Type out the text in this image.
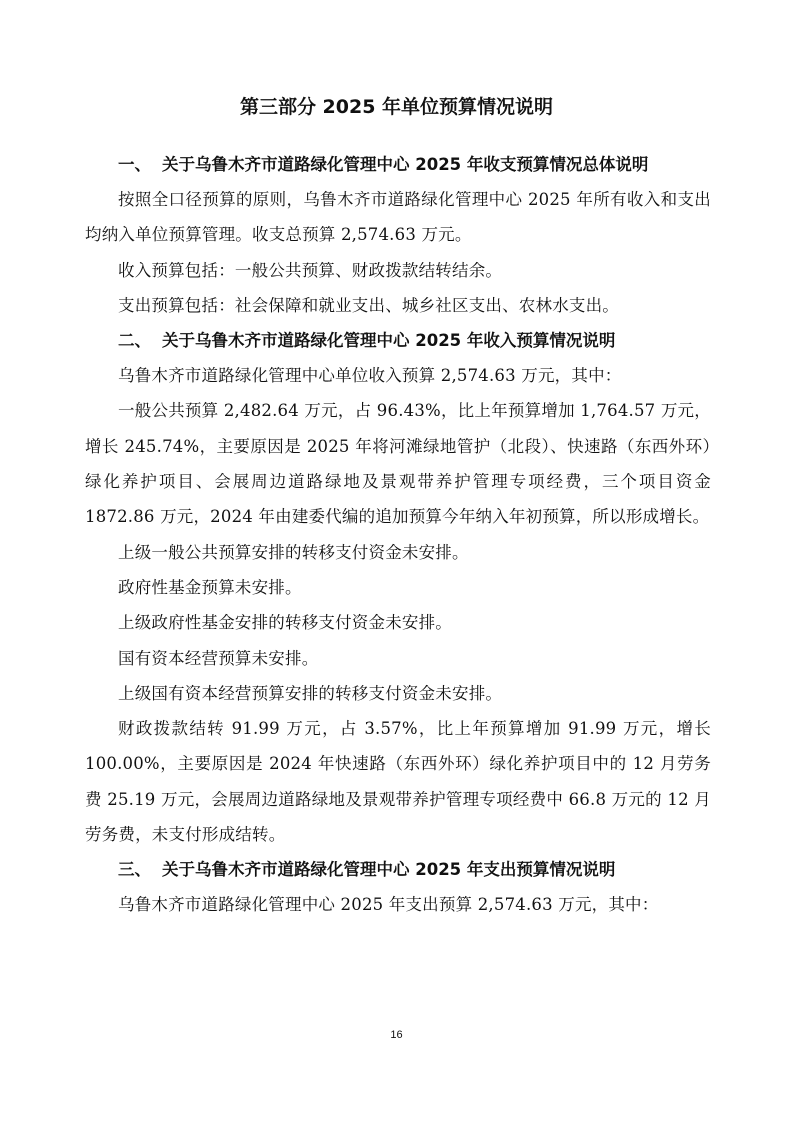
第三部分 2025 年单位预算情况说明
一、 关于乌鲁木齐市道路绿化管理中心 2025 年收支预算情况总体说明

按照全口径预算的原则，乌鲁木齐市道路绿化管理中心 2025 年所有收入和支出均纳入单位预算管理。收支总预算 2,574.63 万元。

收入预算包括：一般公共预算、财政拨款结转结余。

支出预算包括：社会保障和就业支出、城乡社区支出、农林水支出。

二、 关于乌鲁木齐市道路绿化管理中心 2025 年收入预算情况说明

乌鲁木齐市道路绿化管理中心单位收入预算 2,574.63 万元，其中：

一般公共预算 2,482.64 万元，占 96.43%，比上年预算增加 1,764.57 万元，增长 245.74%，主要原因是 2025 年将河滩绿地管护（北段）、快速路（东西外环）绿化养护项目、会展周边道路绿地及景观带养护管理专项经费，三个项目资金 1872.86 万元，2024 年由建委代编的追加预算今年纳入年初预算，所以形成增长。

上级一般公共预算安排的转移支付资金未安排。

政府性基金预算未安排。

上级政府性基金安排的转移支付资金未安排。

国有资本经营预算未安排。

上级国有资本经营预算安排的转移支付资金未安排。

财政拨款结转 91.99 万元，占 3.57%，比上年预算增加 91.99 万元，增长 100.00%，主要原因是 2024 年快速路（东西外环）绿化养护项目中的 12 月劳务费 25.19 万元，会展周边道路绿地及景观带养护管理专项经费中 66.8 万元的 12 月劳务费，未支付形成结转。

三、 关于乌鲁木齐市道路绿化管理中心 2025 年支出预算情况说明

乌鲁木齐市道路绿化管理中心 2025 年支出预算 2,574.63 万元，其中：

16
